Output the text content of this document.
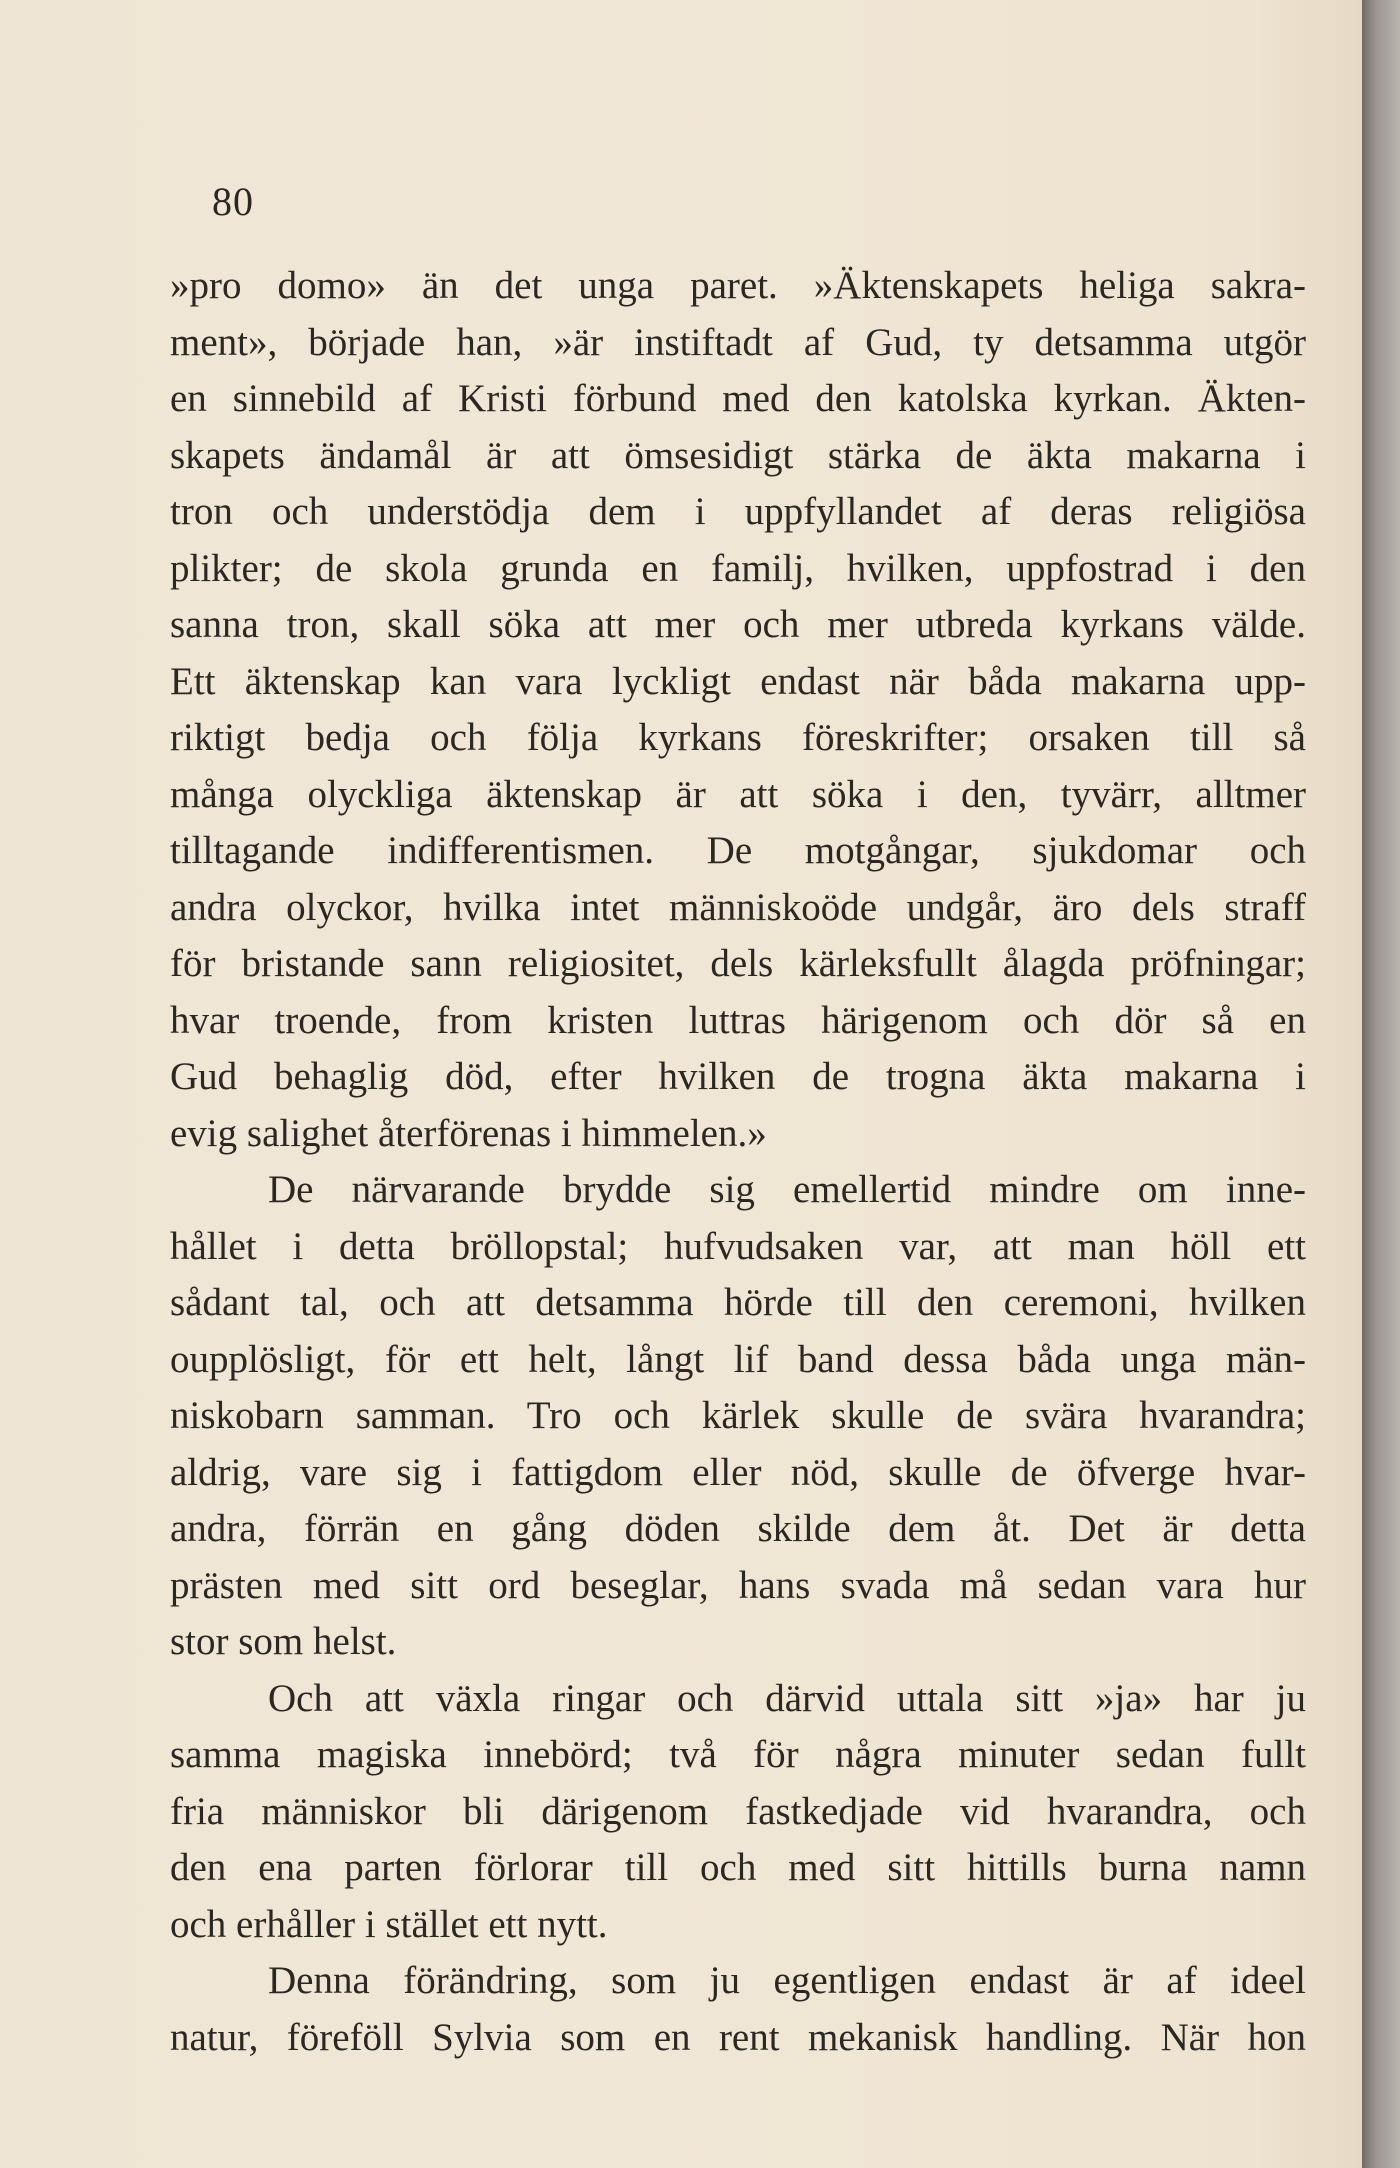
80
»pro domo» än det unga paret. »Äktenskapets heliga sakra-
ment», började han, »är instiftadt af Gud, ty detsamma utgör
en sinnebild af Kristi förbund med den katolska kyrkan. Äkten-
skapets ändamål är att ömsesidigt stärka de äkta makarna i
tron och understödja dem i uppfyllandet af deras religiösa
plikter; de skola grunda en familj, hvilken, uppfostrad i den
sanna tron, skall söka att mer och mer utbreda kyrkans välde.
Ett äktenskap kan vara lyckligt endast när båda makarna upp-
riktigt bedja och följa kyrkans föreskrifter; orsaken till så
många olyckliga äktenskap är att söka i den, tyvärr, alltmer
tilltagande indifferentismen. De motgångar, sjukdomar och
andra olyckor, hvilka intet människoöde undgår, äro dels straff
för bristande sann religiositet, dels kärleksfullt ålagda pröfningar;
hvar troende, from kristen luttras härigenom och dör så en
Gud behaglig död, efter hvilken de trogna äkta makarna i
evig salighet återförenas i himmelen.»
De närvarande brydde sig emellertid mindre om inne-
hållet i detta bröllopstal; hufvudsaken var, att man höll ett
sådant tal, och att detsamma hörde till den ceremoni, hvilken
oupplösligt, för ett helt, långt lif band dessa båda unga män-
niskobarn samman. Tro och kärlek skulle de svära hvarandra;
aldrig, vare sig i fattigdom eller nöd, skulle de öfverge hvar-
andra, förrän en gång döden skilde dem åt. Det är detta
prästen med sitt ord beseglar, hans svada må sedan vara hur
stor som helst.
Och att växla ringar och därvid uttala sitt »ja» har ju
samma magiska innebörd; två för några minuter sedan fullt
fria människor bli därigenom fastkedjade vid hvarandra, och
den ena parten förlorar till och med sitt hittills burna namn
och erhåller i stället ett nytt.
Denna förändring, som ju egentligen endast är af ideel
natur, föreföll Sylvia som en rent mekanisk handling. När hon
